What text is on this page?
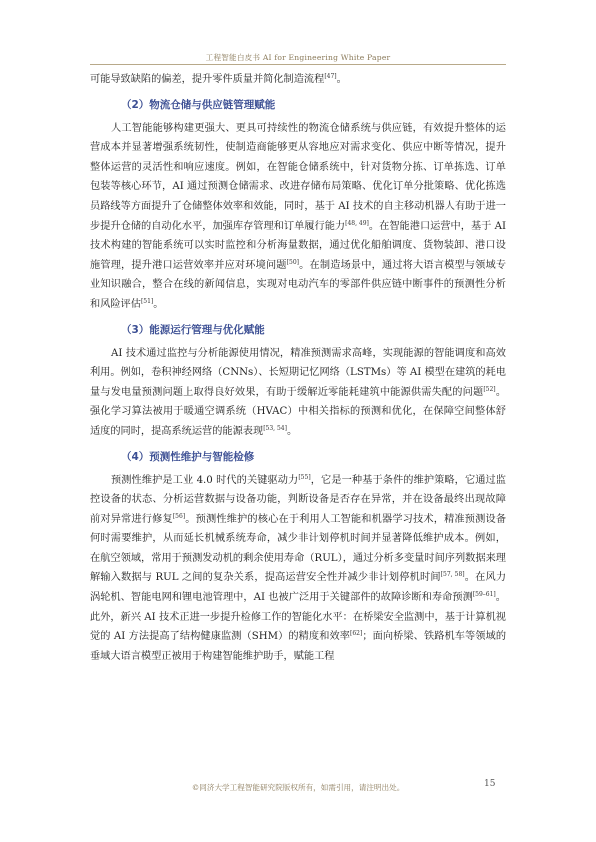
工程智能白皮书 AI for Engineering White Paper

可能导致缺陷的偏差，提升零件质量并简化制造流程[47]。

（2）物流仓储与供应链管理赋能

人工智能能够构建更强大、更具可持续性的物流仓储系统与供应链，有效提升整体的运营成本并显著增强系统韧性，使制造商能够更从容地应对需求变化、供应中断等情况，提升整体运营的灵活性和响应速度。例如，在智能仓储系统中，针对货物分拣、订单拣选、订单包装等核心环节，AI 通过预测仓储需求、改进存储布局策略、优化订单分批策略、优化拣选员路线等方面提升了仓储整体效率和效能，同时，基于 AI 技术的自主移动机器人有助于进一步提升仓储的自动化水平，加强库存管理和订单履行能力[48, 49]。在智能港口运营中，基于 AI 技术构建的智能系统可以实时监控和分析海量数据，通过优化船舶调度、货物装卸、港口设施管理，提升港口运营效率并应对环境问题[50]。在制造场景中，通过将大语言模型与领域专业知识融合，整合在线的新闻信息，实现对电动汽车的零部件供应链中断事件的预测性分析和风险评估[51]。

（3）能源运行管理与优化赋能

AI 技术通过监控与分析能源使用情况，精准预测需求高峰，实现能源的智能调度和高效利用。例如，卷积神经网络（CNNs）、长短期记忆网络（LSTMs）等 AI 模型在建筑的耗电量与发电量预测问题上取得良好效果，有助于缓解近零能耗建筑中能源供需失配的问题[52]。强化学习算法被用于暖通空调系统（HVAC）中相关指标的预测和优化，在保障空间整体舒适度的同时，提高系统运营的能源表现[53, 54]。

（4）预测性维护与智能检修

预测性维护是工业 4.0 时代的关键驱动力[55]，它是一种基于条件的维护策略，它通过监控设备的状态、分析运营数据与设备功能，判断设备是否存在异常，并在设备最终出现故障前对异常进行修复[56]。预测性维护的核心在于利用人工智能和机器学习技术，精准预测设备何时需要维护，从而延长机械系统寿命，减少非计划停机时间并显著降低维护成本。例如，在航空领域，常用于预测发动机的剩余使用寿命（RUL），通过分析多变量时间序列数据来理解输入数据与 RUL 之间的复杂关系，提高运营安全性并减少非计划停机时间[57, 58]。在风力涡轮机、智能电网和锂电池管理中，AI 也被广泛用于关键部件的故障诊断和寿命预测[59–61]。此外，新兴 AI 技术正进一步提升检修工作的智能化水平：在桥梁安全监测中，基于计算机视觉的 AI 方法提高了结构健康监测（SHM）的精度和效率[62]；面向桥梁、铁路机车等领域的垂域大语言模型正被用于构建智能维护助手，赋能工程

©同济大学工程智能研究院版权所有，如需引用，请注明出处。	15
